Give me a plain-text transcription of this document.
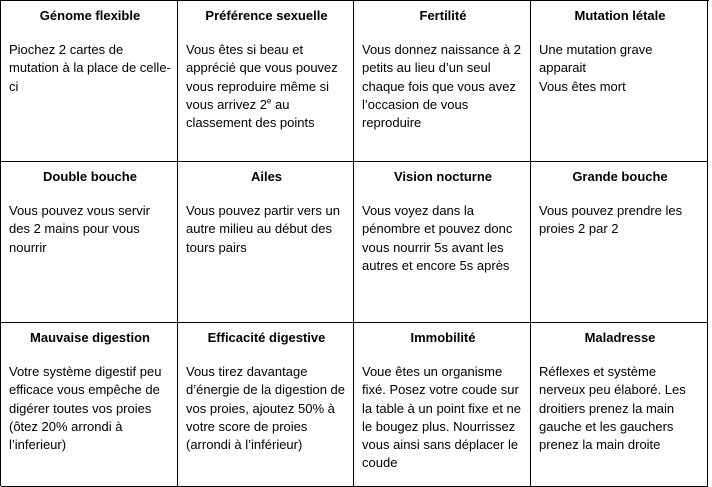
Génome flexible

Piochez 2 cartes de mutation à la place de celle-ci

Préférence sexuelle

Vous êtes si beau et apprécié que vous pouvez vous reproduire même si vous arrivez 2e au classement des points

Fertilité

Vous donnez naissance à 2 petits au lieu d’un seul chaque fois que vous avez l’occasion de vous reproduire

Mutation létale

Une mutation grave apparait
Vous êtes mort

Double bouche

Vous pouvez vous servir des 2 mains pour vous nourrir

Ailes

Vous pouvez partir vers un autre milieu au début des tours pairs

Vision nocturne

Vous voyez dans la pénombre et pouvez donc vous nourrir 5s avant les autres et encore 5s après

Grande bouche

Vous pouvez prendre les proies 2 par 2

Mauvaise digestion

Votre système digestif peu efficace vous empêche de digérer toutes vos proies (ôtez 20% arrondi à l’inferieur)

Efficacité digestive

Vous tirez davantage d’énergie de la digestion de vos proies, ajoutez 50% à votre score de proies (arrondi à l’inférieur)

Immobilité

Voue êtes un organisme fixé. Posez votre coude sur la table à un point fixe et ne le bougez plus. Nourrissez vous ainsi sans déplacer le coude

Maladresse

Réflexes et système nerveux peu élaboré. Les droitiers prenez la main gauche et les gauchers prenez la main droite
